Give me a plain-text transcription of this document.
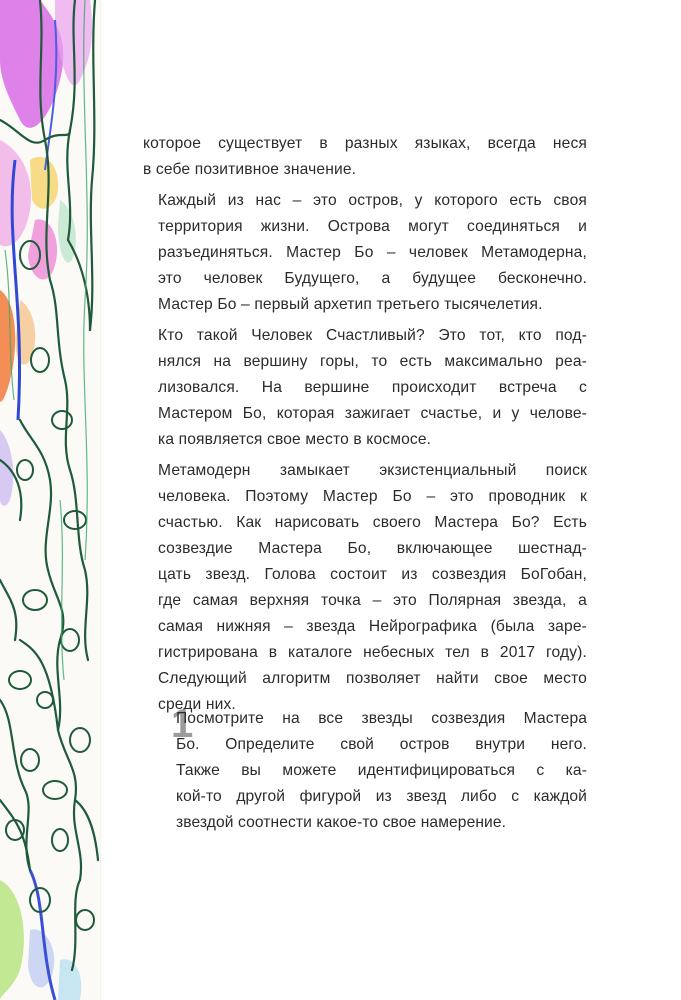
которое существует в разных языках, всегда неся
в себе позитивное значение.
Каждый из нас – это остров, у которого есть своя
территория жизни. Острова могут соединяться и
разъединяться. Мастер Бо – человек Метамодерна,
это человек Будущего, а будущее бесконечно.
Мастер Бо – первый архетип третьего тысячелетия.
Кто такой Человек Счастливый? Это тот, кто под-
нялся на вершину горы, то есть максимально реа-
лизовался. На вершине происходит встреча с
Мастером Бо, которая зажигает счастье, и у челове-
ка появляется свое место в космосе.
Метамодерн замыкает экзистенциальный поиск
человека. Поэтому Мастер Бо – это проводник к
счастью. Как нарисовать своего Мастера Бо? Есть
созвездие Мастера Бо, включающее шестнад-
цать звезд. Голова состоит из созвездия БоГобан,
где самая верхняя точка – это Полярная звезда, а
самая нижняя – звезда Нейрографика (была заре-
гистрирована в каталоге небесных тел в 2017 году).
Следующий алгоритм позволяет найти свое место
среди них.
1
Посмотрите на все звезды созвездия Мастера
Бо. Определите свой остров внутри него.
Также вы можете идентифицироваться с ка-
кой-то другой фигурой из звезд либо с каждой
звездой соотнести какое-то свое намерение.
